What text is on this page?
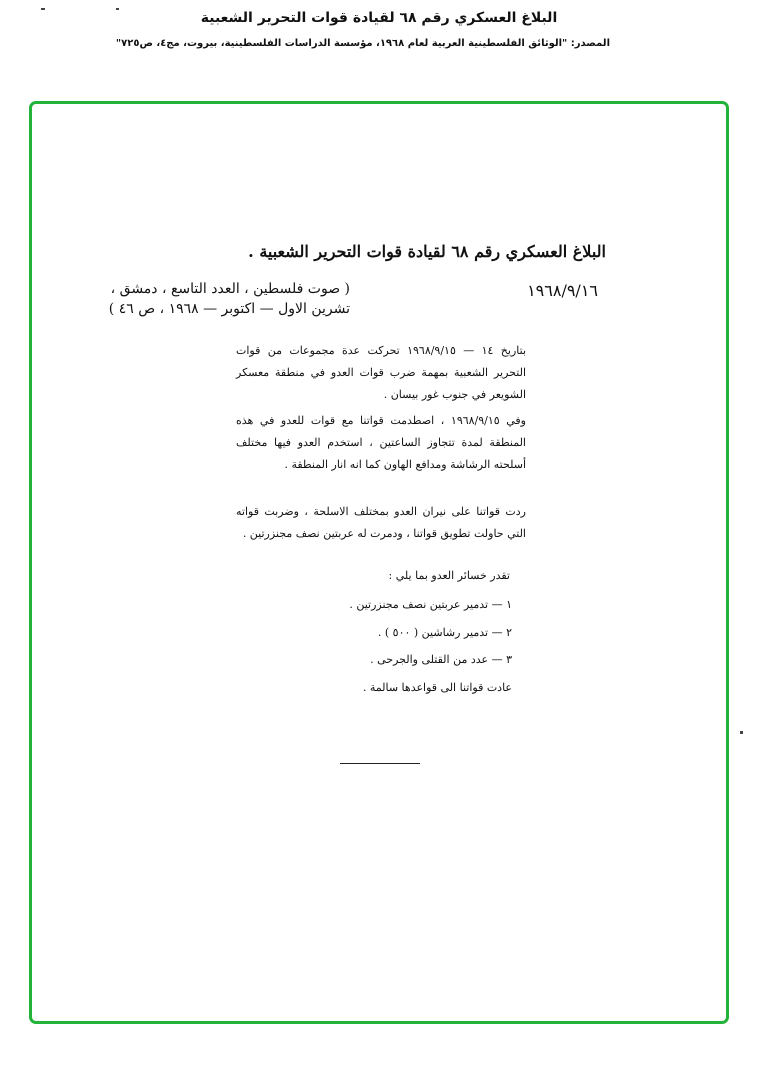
البلاغ العسكري رقم ٦٨ لقيادة قوات التحرير الشعبية
المصدر: "الوثائق الفلسطينية العربية لعام ١٩٦٨، مؤسسة الدراسات الفلسطينية، بيروت، مج٤، ص٧٢٥"
البلاغ العسكري رقم ٦٨ لقيادة قوات التحرير الشعبية .
١٩٦٨/٩/١٦
( صوت فلسطين ، العدد التاسع ، دمشق ،
تشرين الاول — اكتوبر — ١٩٦٨ ، ص ٤٦ )
بتاريخ ١٤ — ١٩٦٨/٩/١٥ تحركت عدة مجموعات من قوات التحرير الشعبية بمهمة ضرب قوات العدو في منطقة معسكر الشويعر في جنوب غور بيسان .
وفي ١٩٦٨/٩/١٥ ، اصطدمت قواتنا مع قوات للعدو في هذه المنطقة لمدة تتجاوز الساعتين ، استخدم العدو فيها مختلف أسلحته الرشاشة ومدافع الهاون كما انه انار المنطقة .
ردت قواتنا على نيران العدو بمختلف الاسلحة ، وضربت قواته التي حاولت تطويق قواتنا ، ودمرت له عربتين نصف مجنزرتين .
تقدر خسائر العدو بما يلي :
١ — تدمير عربتين نصف مجنزرتين .
٢ — تدمير رشاشين ( ٥٠٠ ) .
٣ — عدد من القتلى والجرحى .
عادت قواتنا الى قواعدها سالمة .
